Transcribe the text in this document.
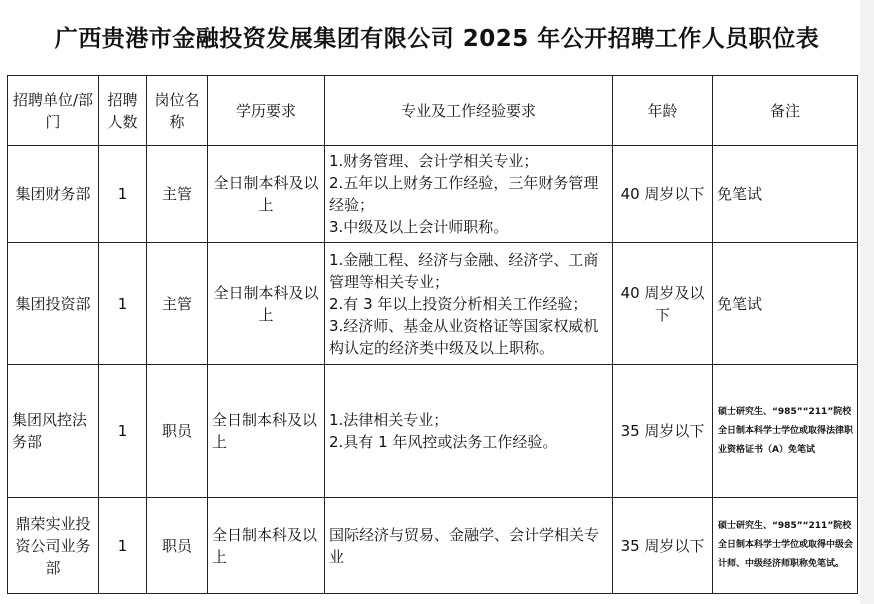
广西贵港市金融投资发展集团有限公司 2025 年公开招聘工作人员职位表
招聘单位/部门	招聘人数	岗位名称	学历要求	专业及工作经验要求	年龄	备注
集团财务部	1	主管	全日制本科及以上	1.财务管理、会计学相关专业；
2.五年以上财务工作经验，三年财务管理经验；
3.中级及以上会计师职称。	40 周岁以下	免笔试
集团投资部	1	主管	全日制本科及以上	1.金融工程、经济与金融、经济学、工商管理等相关专业；
2.有 3 年以上投资分析相关工作经验；
3.经济师、基金从业资格证等国家权威机构认定的经济类中级及以上职称。	40 周岁及以下	免笔试
集团风控法务部	1	职员	全日制本科及以上	1.法律相关专业；
2.具有 1 年风控或法务工作经验。	35 周岁以下	硕士研究生、“985”“211”院校全日制本科学士学位或取得法律职业资格证书（A）免笔试
鼎荣实业投资公司业务部	1	职员	全日制本科及以上	国际经济与贸易、金融学、会计学相关专业	35 周岁以下	硕士研究生、“985”“211”院校全日制本科学士学位或取得中级会计师、中级经济师职称免笔试。
